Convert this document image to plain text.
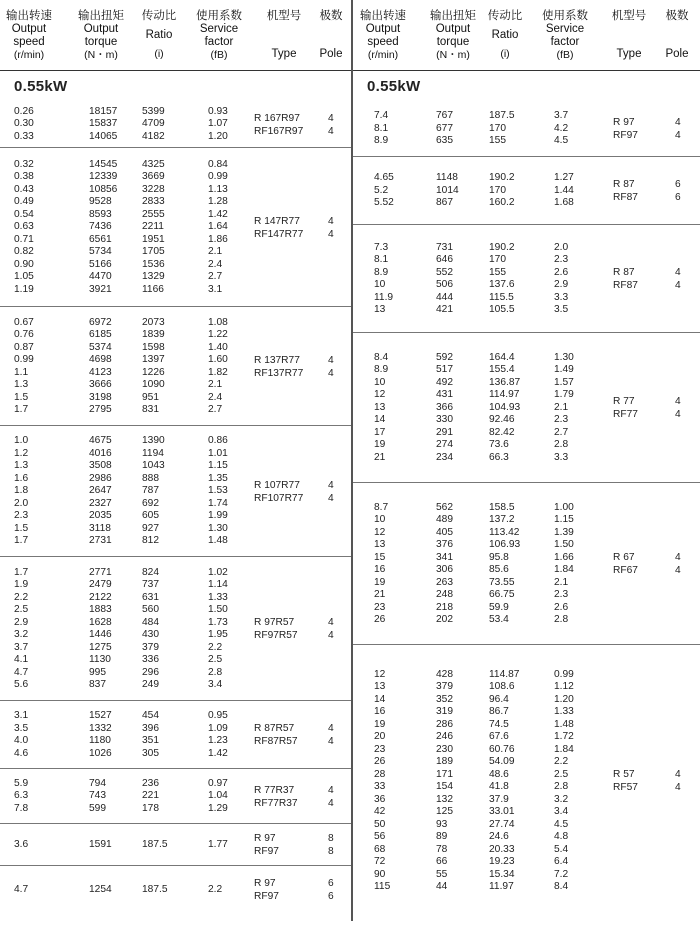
输出转速
Output
speed
(r/min)
输出扭矩
Output
torque
(N・m)
传动比
Ratio
(i)
使用系数
Service
factor
(fB)
机型号
Type
极数
Pole
0.55kW
0.26	18157 5399	0.93
0.30	15837 4709	1.07
0.33	14065 4182	1.20
R 167R97	4
RF167R97 4
0.32	14545 4325	0.84
0.38	12339 3669	0.99
0.43	10856 3228	1.13
0.49	9528	2833	1.28
0.54	8593	2555	1.42
0.63	7436	2211	1.64
0.71	6561	1951	1.86
0.82	5734	1705	2.1
0.90	5166	1536	2.4
1.05	4470	1329	2.7
1.19	3921	1166	3.1
R 147R77	4
RF147R77 4
0.67	6972	2073	1.08
0.76	6185	1839	1.22
0.87	5374	1598	1.40
0.99	4698	1397	1.60
1.1	4123	1226	1.82
1.3	3666	1090	2.1
1.5	3198	951	2.4
1.7	2795	831	2.7
R 137R77	4
RF137R77 4
1.0	4675	1390	0.86
1.2	4016	1194	1.01
1.3	3508	1043	1.15
1.6	2986	888	1.35
1.8	2647	787	1.53
2.0	2327	692	1.74
2.3	2035	605	1.99
1.5	3118	927	1.30
1.7	2731	812	1.48
R 107R77	4
RF107R77 4
1.7	2771	824	1.02
1.9	2479	737	1.14
2.2	2122	631	1.33
2.5	1883	560	1.50
2.9	1628	484	1.73
3.2	1446	430	1.95
3.7	1275	379	2.2
4.1	1130	336	2.5
4.7	995	296	2.8
5.6	837	249	3.4
R 97R57	4
RF97R57	4
3.1	1527	454	0.95
3.5	1332	396	1.09
4.0	1180	351	1.23
4.6	1026	305	1.42
R 87R57	4
RF87R57	4
5.9	794	236	0.97
6.3	743	221	1.04
7.8	599	178	1.29
R 77R37	4
RF77R37	4
3.6	1591	187.5	1.77
R 97	8
RF97	8
4.7	1254	187.5	2.2
R 97	6
RF97	6
输出转速
Output
speed
(r/min)
输出扭矩
Output
torque
(N・m)
传动比
Ratio
(i)
使用系数
Service
factor
(fB)
机型号
Type
极数
Pole
0.55kW
7.4	767	187.5	3.7
8.1	677	170	4.2
8.9	635	155	4.5
R 97	4
RF97	4
4.65	1148	190.2	1.27
5.2	1014	170	1.44
5.52	867	160.2	1.68
R 87	6
RF87	6
7.3	731	190.2	2.0
8.1	646	170	2.3
8.9	552	155	2.6
10	506	137.6	2.9
11.9	444	115.5	3.3
13	421	105.5	3.5
R 87	4
RF87	4
8.4	592	164.4	1.30
8.9	517	155.4	1.49
10	492	136.87	1.57
12	431	114.97	1.79
13	366	104.93	2.1
14	330	92.46	2.3
17	291	82.42	2.7
19	274	73.6	2.8
21	234	66.3	3.3
R 77	4
RF77	4
8.7	562	158.5	1.00
10	489	137.2	1.15
12	405	113.42	1.39
13	376	106.93	1.50
15	341	95.8	1.66
16	306	85.6	1.84
19	263	73.55	2.1
21	248	66.75	2.3
23	218	59.9	2.6
26	202	53.4	2.8
R 67	4
RF67	4
12	428	114.87	0.99
13	379	108.6	1.12
14	352	96.4	1.20
16	319	86.7	1.33
19	286	74.5	1.48
20	246	67.6	1.72
23	230	60.76	1.84
26	189	54.09	2.2
28	171	48.6	2.5
33	154	41.8	2.8
36	132	37.9	3.2
42	125	33.01	3.4
50	93	27.74	4.5
56	89	24.6	4.8
68	78	20.33	5.4
72	66	19.23	6.4
90	55	15.34	7.2
115	44	11.97	8.4
R 57	4
RF57	4
